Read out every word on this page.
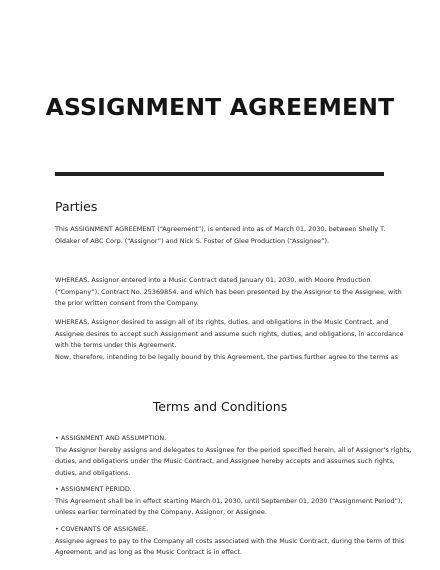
ASSIGNMENT AGREEMENT
Parties

This ASSIGNMENT AGREEMENT (“Agreement”), is entered into as of March 01, 2030, between Shelly T.
Oldaker of ABC Corp. (“Assignor”) and Nick S. Foster of Glee Production (“Assignee”).

WHEREAS, Assignor entered into a Music Contract dated January 01, 2030, with Moore Production
(“Company”), Contract No. 25369854, and which has been presented by the Assignor to the Assignee, with
the prior written consent from the Company.

WHEREAS, Assignor desired to assign all of its rights, duties, and obligations in the Music Contract, and
Assignee desires to accept such Assignment and assume such rights, duties, and obligations, in accordance
with the terms under this Agreement.
Now, therefore, intending to be legally bound by this Agreement, the parties further agree to the terms as

Terms and Conditions

• ASSIGNMENT AND ASSUMPTION.
The Assignor hereby assigns and delegates to Assignee for the period specified herein, all of Assignor’s rights,
duties, and obligations under the Music Contract, and Assignee hereby accepts and assumes such rights,
duties, and obligations.

• ASSIGNMENT PERIDD.
This Agreement shall be in effect starting March 01, 2030, until September 01, 2030 (“Assignment Period”),
unless earlier terminated by the Company, Assignor, or Assignee.

• COVENANTS OF ASSIGNEE.
Assignee agrees to pay to the Company all costs associated with the Music Contract, during the term of this
Agreement, and as long as the Music Contract is in effect.
